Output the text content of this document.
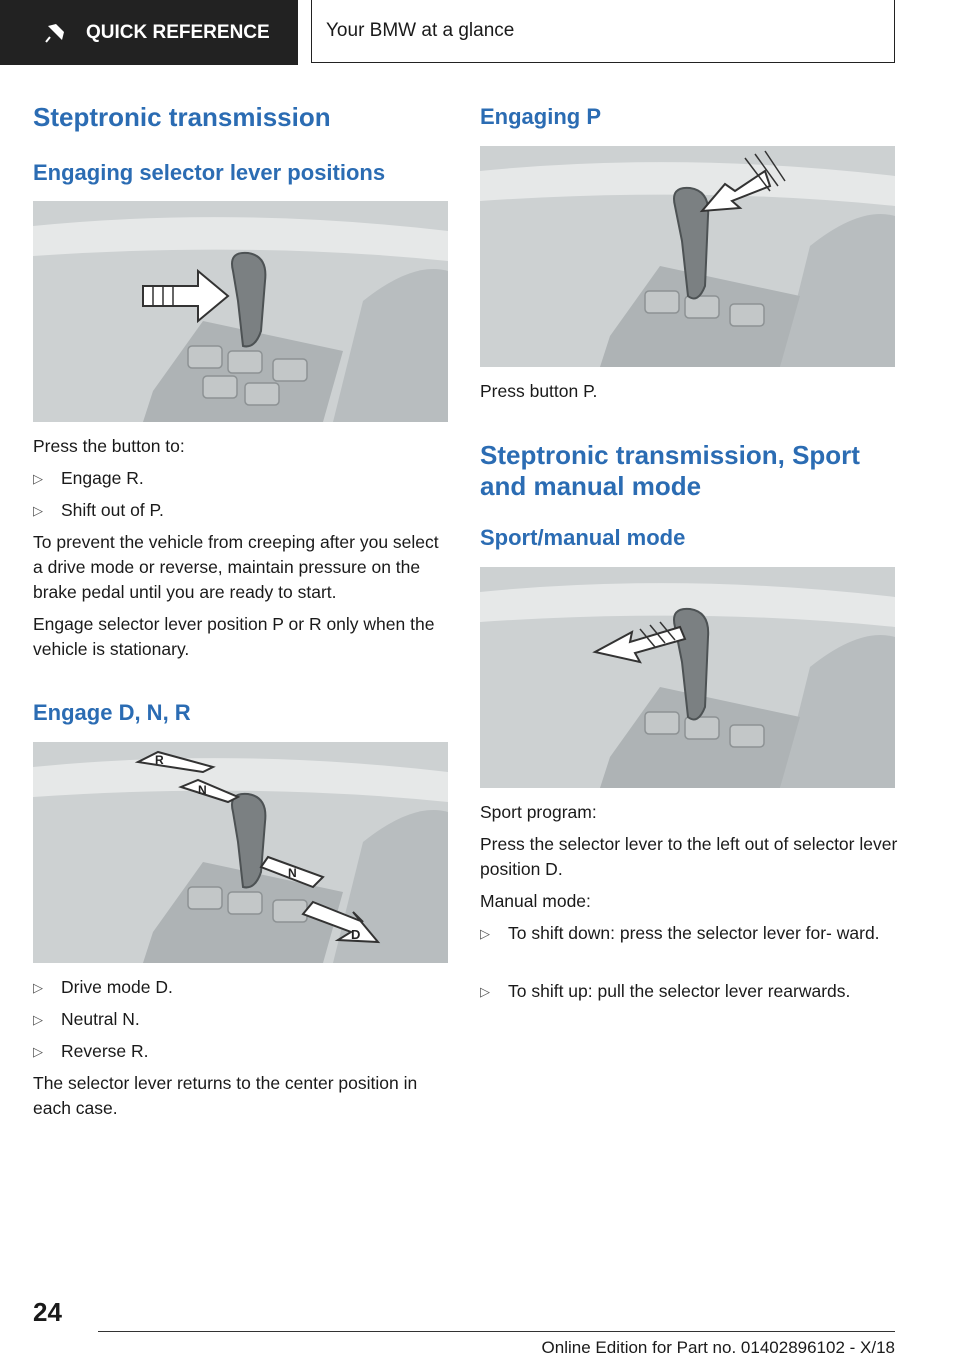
QUICK REFERENCE	Your BMW at a glance
Steptronic transmission
Engaging selector lever positions

Press the button to:

▷	Engage R.
▷	Shift out of P.

To prevent the vehicle from creeping after you select a drive mode or reverse, maintain pressure on the brake pedal until you are ready to start.

Engage selector lever position P or R only when the vehicle is stationary.

Engage D, N, R
R
N
N
D
▷	Drive mode D.
▷	Neutral N.
▷	Reverse R.

The selector lever returns to the center position in each case.

Engaging P

Press button P.

Steptronic transmission, Sport and manual mode
Sport/manual mode

Sport program:

Press the selector lever to the left out of selector lever position D.

Manual mode:

▷	To shift down: press the selector lever for‐ ward.
▷	To shift up: pull the selector lever rearwards.
24
Online Edition for Part no. 01402896102 - X/18
